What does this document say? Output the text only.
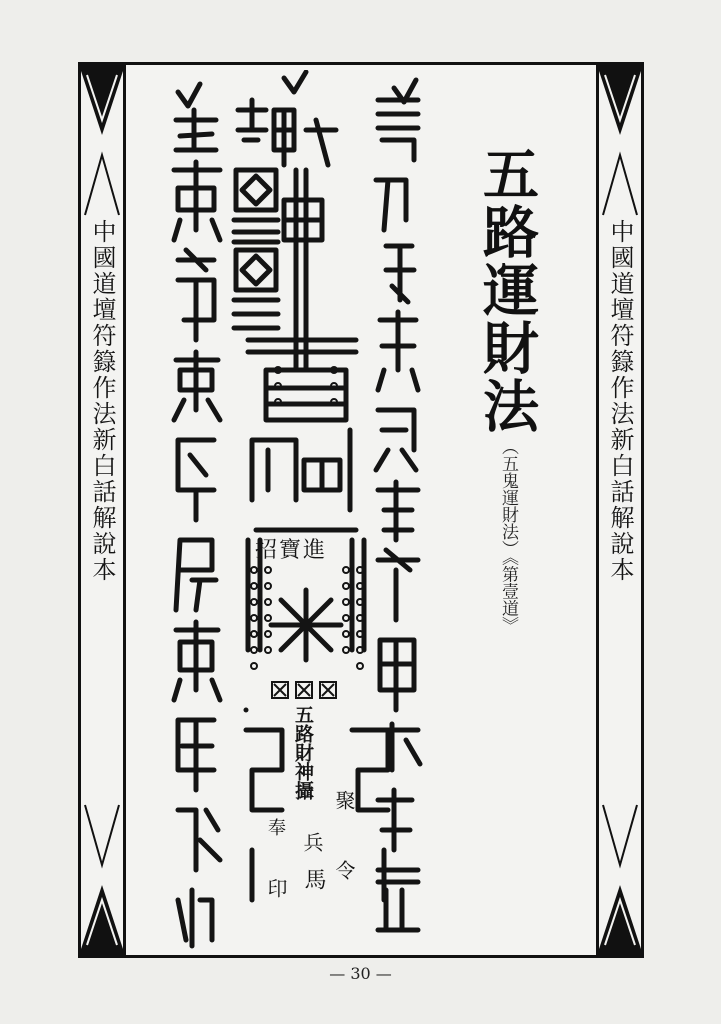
中國道壇符籙作法新白話解說本	中國道壇符籙作法新白話解說本
五路運財法
（五鬼運財法）《第壹道》
招寶進
五
路
財
神
攝 聚
兵
馬 令
奉
印
— 30 —
